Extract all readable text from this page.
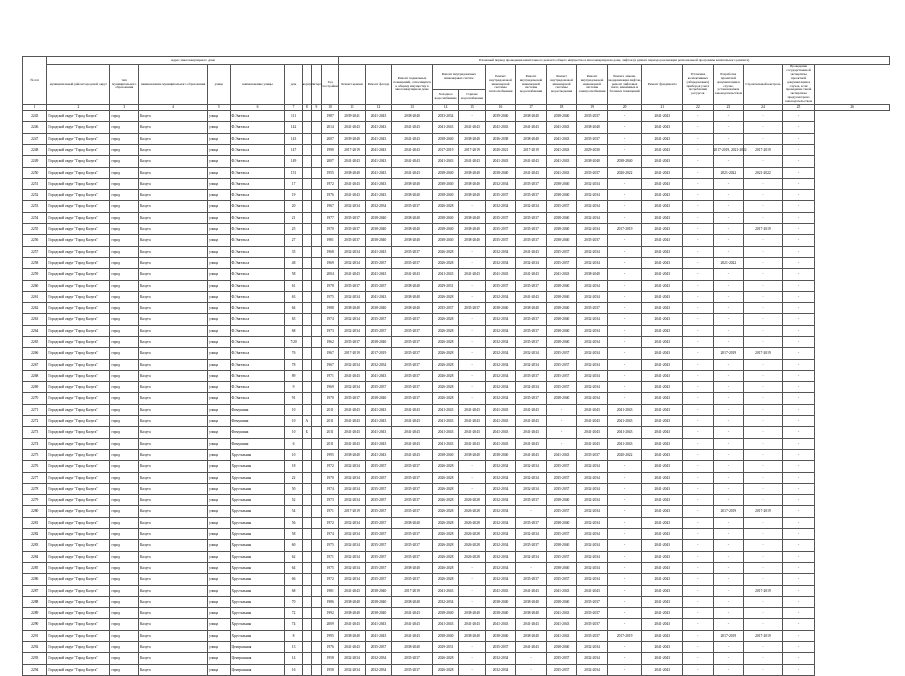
№ п/п	Адрес многоквартирного дома									Плановый период проведения капитального ремонта общего имущества в многоквартирном доме, лифтов (в рамках периода реализации региональной программы капитального ремонта)															
	муниципальный район/городской округ	тип муниципального образования	наименование муниципального образования	улица	наименование улицы	дом	корпус	литера	Год постройки	Ремонт крыши	Ремонт фасада	Ремонт подвальных помещений, относящихся к общему имуществу в многоквартирном доме	Ремонт внутридомовых инженерных систем		Ремонт внутридомовой инженерной системы теплоснабжения	Ремонт внутридомовой инженерной системы водоснабжения	Ремонт внутридомовой инженерной системы водоотведения	Ремонт внутридомовой инженерной системы электроснабжения	Ремонт, замена, модернизация лифтов, ремонт лифтовых шахт, машинных и блочных помещений	Ремонт фундамента	Установка коллективных (общедомовых) приборов учета потребления ресурсов	Разработка проектной документации в случае, установленном законодательством	Строительный контроль	Проведение государственной экспертизы проектной документации в случае, если проведение такой экспертизы предусмотрено законодательством	
													Холодное водоснабжение	Горячее водоснабжение											
1	2	3	4	5	6	7	8	9	10	11	12	13	14	15	16	17	18	19	20	21	22	23	24	25	26
2245	Городской округ "Город Калуга"	город	Калуга	улица	Ф.Энгельса	111			1987	2039-2041	2041-2043	2038-2040	2033-2034	-	2039-2040	2038-2040	2038-2040	2035-2037	-	2041-2043	-	-	-	-	
2246	Городской округ "Город Калуга"	город	Калуга	улица	Ф.Энгельса	142			2014	2041-2043	2041-2043	2041-2043	2041-2043	2041-2043	2041-2043	2041-2043	2041-2043	2038-2040	-	2041-2043	-	-	-	-	
2247	Городской округ "Город Калуга"	город	Калуга	улица	Ф.Энгельса	143			2007	2039-2040	2041-2043	2041-2043	2038-2040	2038-2040	2036-2038	2038-2040	2041-2043	2035-2037	-	2041-2043	-	-	-	-	
2248	Городской округ "Город Калуга"	город	Калуга	улица	Ф.Энгельса	147			1990	2017-2019	2041-2043	2041-2043	2017-2019	2017-2019	2020-2021	2017-2019	2041-2043	2029-2030	-	2041-2043	-	2017-2019, 2021-2022	2017-2019	-	
2249	Городской округ "Город Калуга"	город	Калуга	улица	Ф.Энгельса	149			2007	2041-2043	2041-2043	2041-2043	2041-2043	2041-2043	2041-2043	2041-2043	2041-2043	2038-2040	2038-2040	2041-2043	-	-	-	-	
2250	Городской округ "Город Калуга"	город	Калуга	улица	Ф.Энгельса	151			1955	2038-2040	2041-2043	2041-2043	2038-2040	2038-2040	2038-2040	2041-2043	2041-2043	2035-2037	2020-2022	2041-2043	-	2021-2022	2021-2022	-	
2251	Городской округ "Город Калуга"	город	Калуга	улица	Ф.Энгельса	17			1972	2041-2043	2041-2043	2038-2040	2038-2040	2038-2040	2032-2034	2035-2037	2038-2040	2032-2034	-	2041-2043	-	-	-	-	
2252	Городской округ "Город Калуга"	город	Калуга	улица	Ф.Энгельса	19			1976	2041-2043	2041-2043	2038-2040	2038-2040	2038-2040	2035-2037	2035-2037	2038-2040	2032-2034	-	2041-2043	-	-	-	-	
2253	Городской округ "Город Калуга"	город	Калуга	улица	Ф.Энгельса	20			1967	2032-2034	2032-2034	2035-2037	2026-2028	-	2032-2034	2032-2034	2035-2037	2032-2034	-	2041-2043	-	-	-	-	
2254	Городской округ "Город Калуга"	город	Калуга	улица	Ф.Энгельса	21			1977	2035-2037	2038-2040	2038-2040	2038-2040	2038-2040	2035-2037	2035-2037	2038-2040	2032-2034	-	2041-2043	-	-	-	-	
2255	Городской округ "Город Калуга"	город	Калуга	улица	Ф.Энгельса	25			1970	2035-2037	2038-2040	2038-2040	2038-2040	2038-2040	2035-2037	2035-2037	2038-2040	2032-2034	2017-2019	2041-2043	-	-	2017-2019	-	
2256	Городской округ "Город Калуга"	город	Калуга	улица	Ф.Энгельса	27			1981	2035-2037	2038-2040	2038-2040	2038-2040	2038-2040	2035-2037	2035-2037	2038-2040	2035-2037	-	2041-2043	-	-	-	-	
2257	Городской округ "Город Калуга"	город	Калуга	улица	Ф.Энгельса	35			1968	2032-2034	2041-2043	2035-2037	2026-2028	-	2032-2034	2041-2043	2035-2037	2032-2034	-	2041-2043	-	-	-	-	
2258	Городской округ "Город Калуга"	город	Калуга	улица	Ф.Энгельса	48			1969	2032-2034	2035-2037	2035-2037	2026-2028	-	2032-2034	2032-2034	2035-2037	2032-2034	-	2041-2043	-	2021-2022	-	-	
2259	Городской округ "Город Калуга"	город	Калуга	улица	Ф.Энгельса	58			2004	2041-2043	2041-2043	2041-2043	2041-2043	2041-2043	2041-2043	2041-2043	2041-2043	2038-2040	-	2041-2043	-	-	-	-	
2260	Городской округ "Город Калуга"	город	Калуга	улица	Ф.Энгельса	61			1978	2035-2037	2035-2037	2038-2040	2029-2031	-	2035-2037	2035-2037	2038-2040	2032-2034	-	2041-2043	-	-	-	-	
2261	Городской округ "Город Калуга"	город	Калуга	улица	Ф.Энгельса	63			1975	2032-2034	2041-2043	2038-2040	2026-2028	-	2032-2034	2041-2043	2038-2040	2032-2034	-	2041-2043	-	-	-	-	
2262	Городской округ "Город Калуга"	город	Калуга	улица	Ф.Энгельса	64			1988	2038-2040	2038-2040	2038-2040	2035-2037	2035-2037	2038-2040	2038-2040	2038-2040	2035-2037	-	2041-2043	-	-	-	-	
2263	Городской округ "Город Калуга"	город	Калуга	улица	Ф.Энгельса	65			1974	2032-2034	2035-2037	2035-2037	2026-2028	-	2032-2034	2035-2037	2038-2040	2032-2034	-	2041-2043	-	-	-	-	
2264	Городской округ "Город Калуга"	город	Калуга	улица	Ф.Энгельса	68			1973	2032-2034	2035-2037	2035-2037	2026-2028	-	2032-2034	2035-2037	2038-2040	2032-2034	-	2041-2043	-	-	-	-	
2265	Городской округ "Город Калуга"	город	Калуга	улица	Ф.Энгельса	7/20			1962	2035-2037	2038-2040	2035-2037	2026-2028	-	2032-2034	2035-2037	2038-2040	2032-2034	-	2041-2043	-	-	-	-	
2266	Городской округ "Город Калуга"	город	Калуга	улица	Ф.Энгельса	76			1967	2017-2019	2017-2019	2035-2037	2026-2028	-	2032-2034	2032-2034	2035-2037	2032-2034	-	2041-2043	-	2017-2019	2017-2019	-	
2267	Городской округ "Город Калуга"	город	Калуга	улица	Ф.Энгельса	78			1967	2032-2034	2032-2034	2035-2037	2026-2028	-	2032-2034	2032-2034	2035-2037	2032-2034	-	2041-2043	-	-	-	-	
2268	Городской округ "Город Калуга"	город	Калуга	улица	Ф.Энгельса	89			1971	2041-2043	2041-2043	2035-2037	2026-2028	-	2032-2034	2035-2037	2035-2037	2032-2034	-	2041-2043	-	-	-	-	
2269	Городской округ "Город Калуга"	город	Калуга	улица	Ф.Энгельса	9			1969	2032-2034	2035-2037	2035-2037	2026-2028	-	2032-2034	2032-2034	2035-2037	2032-2034	-	2041-2043	-	-	-	-	
2270	Городской округ "Город Калуга"	город	Калуга	улица	Ф.Энгельса	91			1970	2035-2037	2038-2040	2035-2037	2026-2028	-	2032-2034	2035-2037	2038-2040	2032-2034	-	2041-2043	-	-	-	-	
2271	Городской округ "Город Калуга"	город	Калуга	улица	Фомушина	10			2011	2041-2043	2041-2043	2041-2043	2041-2043	2041-2043	2041-2043	2041-2043	-	2041-2043	2041-2043	2041-2043	-	-	-	-	
2272	Городской округ "Город Калуга"	город	Калуга	улица	Фомушина	10	А		2011	2041-2043	2041-2043	2041-2043	2041-2043	2041-2043	2041-2043	2041-2043	-	2041-2043	2041-2043	2041-2043	-	-	-	-	
2273	Городской округ "Город Калуга"	город	Калуга	улица	Фомушина	10	Б		2011	2041-2043	2041-2043	2041-2043	2041-2043	2041-2043	2041-2043	2041-2043	-	2041-2043	2041-2043	2041-2043	-	-	-	-	
2274	Городской округ "Город Калуга"	город	Калуга	улица	Фомушина	6			2011	2041-2043	2041-2043	2041-2043	2041-2043	2041-2043	2041-2043	2041-2043	-	2041-2043	2041-2043	2041-2043	-	-	-	-	
2275	Городской округ "Город Калуга"	город	Калуга	улица	Хрустальная	10			1995	2038-2040	2041-2043	2041-2043	2038-2040	2038-2040	2038-2040	2041-2043	2041-2043	2035-2037	2020-2022	2041-2043	-	-	-	-	
2276	Городской округ "Город Калуга"	город	Калуга	улица	Хрустальная	18			1972	2032-2034	2035-2037	2035-2037	2026-2028	-	2032-2034	2032-2034	2035-2037	2032-2034	-	2041-2043	-	-	-	-	
2277	Городской округ "Город Калуга"	город	Калуга	улица	Хрустальная	22			1970	2032-2034	2035-2037	2035-2037	2026-2028	-	2032-2034	2032-2034	2035-2037	2032-2034	-	2041-2043	-	-	-	-	
2278	Городской округ "Город Калуга"	город	Калуга	улица	Хрустальная	50			1974	2032-2034	2035-2037	2035-2037	2026-2028	-	2032-2034	2032-2034	2035-2037	2032-2034	-	2041-2043	-	-	-	-	
2279	Городской округ "Город Калуга"	город	Калуга	улица	Хрустальная	52			1973	2032-2034	2035-2037	2035-2037	2026-2028	2026-2028	2032-2034	2035-2037	2038-2040	2032-2034	-	2041-2043	-	-	-	-	
2280	Городской округ "Город Калуга"	город	Калуга	улица	Хрустальная	54			1971	2017-2019	2035-2037	2035-2037	2026-2028	2026-2028	2032-2034	-	2035-2037	2032-2034	-	2041-2043	-	2017-2019	2017-2019	-	
2281	Городской округ "Город Калуга"	город	Калуга	улица	Хрустальная	56			1972	2032-2034	2035-2037	2038-2040	2026-2028	2026-2028	2032-2034	2035-2037	2038-2040	2032-2034	-	2041-2043	-	-	-	-	
2282	Городской округ "Город Калуга"	город	Калуга	улица	Хрустальная	58			1974	2032-2034	2035-2037	2035-2037	2026-2028	2026-2028	2032-2034	2032-2034	2035-2037	2032-2034	-	2041-2043	-	-	-	-	
2283	Городской округ "Город Калуга"	город	Калуга	улица	Хрустальная	60			1975	2032-2034	2035-2037	2035-2037	2026-2028	2026-2028	2032-2034	2035-2037	2038-2040	2032-2034	-	2041-2043	-	-	-	-	
2284	Городской округ "Город Калуга"	город	Калуга	улица	Хрустальная	62			1971	2032-2034	2035-2037	2035-2037	2026-2028	2026-2028	2032-2034	2032-2034	2035-2037	2032-2034	-	2041-2043	-	-	-	-	
2285	Городской округ "Город Калуга"	город	Калуга	улица	Хрустальная	64			1975	2032-2034	2035-2037	2038-2040	2026-2028	-	2032-2034	-	2038-2040	2032-2034	-	2041-2043	-	-	-	-	
2286	Городской округ "Город Калуга"	город	Калуга	улица	Хрустальная	66			1972	2032-2034	2035-2037	2035-2037	2026-2028	-	2032-2034	2035-2037	2035-2037	2032-2034	-	2041-2043	-	-	-	-	
2287	Городской округ "Город Калуга"	город	Калуга	улица	Хрустальная	68			1981	2041-2043	2038-2040	2017-2019	2041-2043	-	2041-2043	2041-2043	2041-2043	2041-2043	-	2041-2043	-	-	2017-2019	-	
2288	Городской округ "Город Калуга"	город	Калуга	улица	Хрустальная	70			1986	2038-2040	2038-2040	2038-2040	2032-2034	-	2038-2040	2038-2040	2038-2040	2035-2037	-	2041-2043	-	-	-	-	
2289	Городской округ "Город Калуга"	город	Калуга	улица	Хрустальная	72			1992	2038-2040	2038-2040	2041-2043	2038-2040	2038-2040	2038-2040	2038-2040	2041-2043	2035-2037	-	2041-2043	-	-	-	-	
2290	Городской округ "Город Калуга"	город	Калуга	улица	Хрустальная	74			2009	2041-2043	2041-2043	2041-2043	2041-2043	2041-2043	2041-2043	2041-2043	2041-2043	2035-2037	-	2041-2043	-	-	-	-	
2291	Городской округ "Город Калуга"	город	Калуга	улица	Хрустальная	8			1995	2038-2040	2041-2043	2041-2043	2038-2040	2038-2040	2038-2040	2038-2040	2041-2043	2035-2037	2017-2019	2041-2043	-	2017-2019	2017-2019	-	
2292	Городской округ "Город Калуга"	город	Калуга	улица	Центральная	13			1976	2041-2043	2035-2037	2038-2040	2029-2031	-	2035-2037	2041-2043	2038-2040	2032-2034	-	2041-2043	-	-	-	-	
2293	Городской округ "Город Калуга"	город	Калуга	улица	Центральная	14			1958	2032-2034	2032-2034	2035-2037	2026-2028	-	2032-2034	-	2035-2037	2032-2034	-	2041-2043	-	-	-	-	
2294	Городской округ "Город Калуга"	город	Калуга	улица	Центральная	16			1958	2032-2034	2032-2034	2035-2037	2026-2028	-	2032-2034	-	2035-2037	2032-2034	-	2041-2043	-	-	-	-	
